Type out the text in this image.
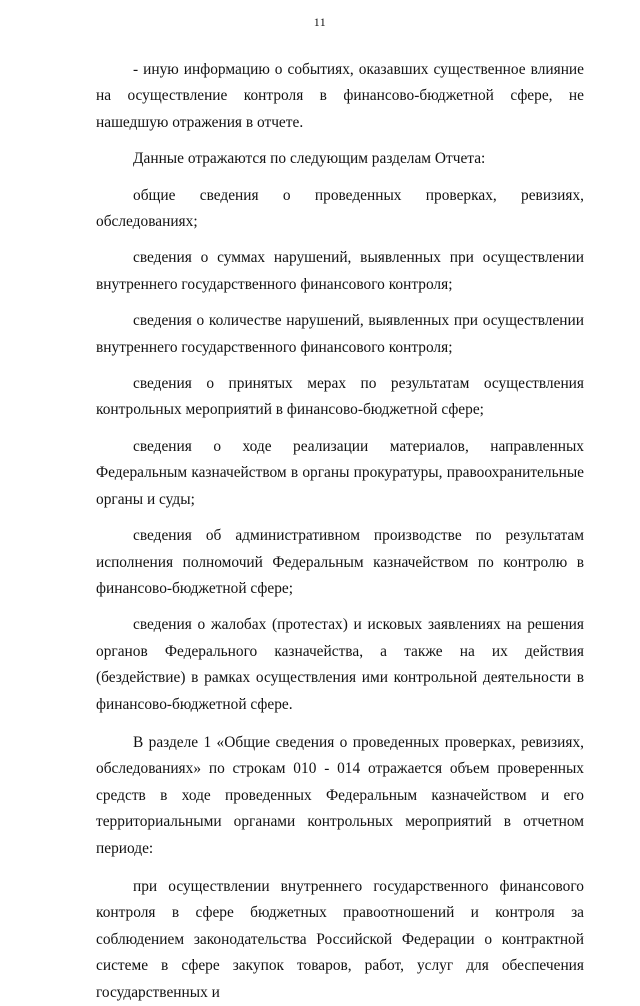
11

- иную информацию о событиях, оказавших существенное влияние на осуществление контроля в финансово-бюджетной сфере, не нашедшую отражения в отчете.

Данные отражаются по следующим разделам Отчета:

общие сведения о проведенных проверках, ревизиях, обследованиях;

сведения о суммах нарушений, выявленных при осуществлении внутреннего государственного финансового контроля;

сведения о количестве нарушений, выявленных при осуществлении внутреннего государственного финансового контроля;

сведения о принятых мерах по результатам осуществления контрольных мероприятий в финансово-бюджетной сфере;

сведения о ходе реализации материалов, направленных Федеральным казначейством в органы прокуратуры, правоохранительные органы и суды;

сведения об административном производстве по результатам исполнения полномочий Федеральным казначейством по контролю в финансово-бюджетной сфере;

сведения о жалобах (протестах) и исковых заявлениях на решения органов Федерального казначейства, а также на их действия (бездействие) в рамках осуществления ими контрольной деятельности в финансово-бюджетной сфере.

В разделе 1 «Общие сведения о проведенных проверках, ревизиях, обследованиях» по строкам 010 - 014 отражается объем проверенных средств в ходе проведенных Федеральным казначейством и его территориальными органами контрольных мероприятий в отчетном периоде:

при осуществлении внутреннего государственного финансового контроля в сфере бюджетных правоотношений и контроля за соблюдением законодательства Российской Федерации о контрактной системе в сфере закупок товаров, работ, услуг для обеспечения государственных и
